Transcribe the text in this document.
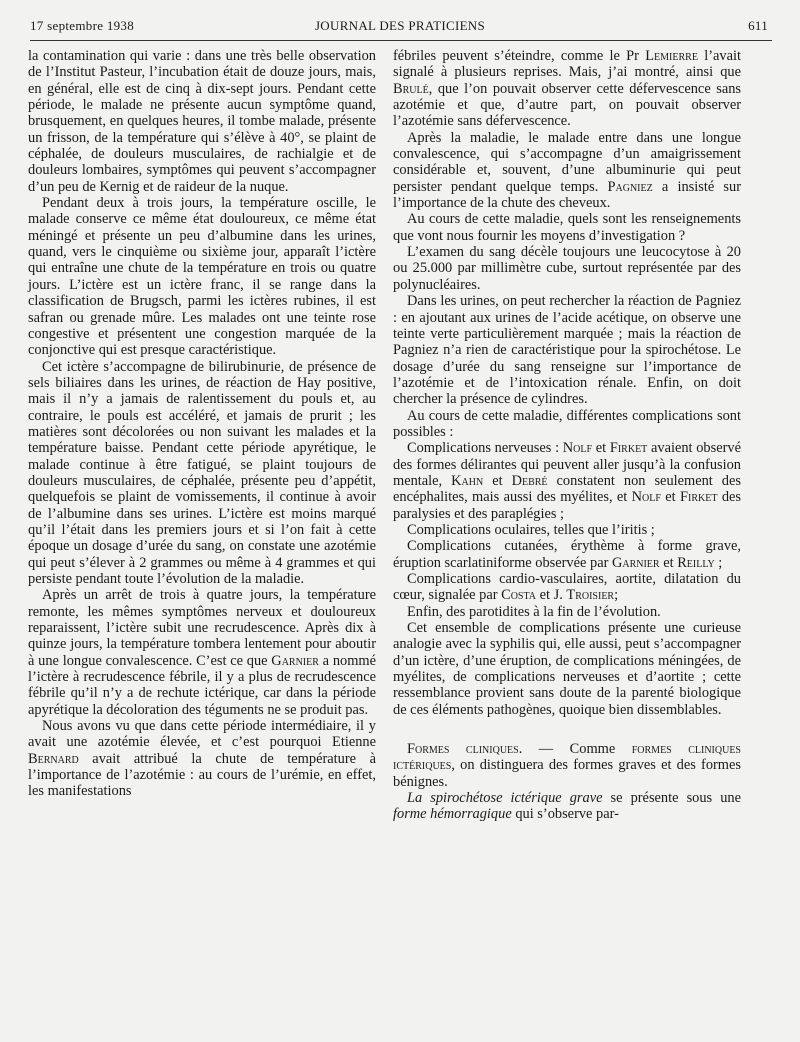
17 septembre 1938	JOURNAL DES PRATICIENS	611

la contamination qui varie : dans une très belle observation de l’Institut Pasteur, l’incubation était de douze jours, mais, en général, elle est de cinq à dix-sept jours. Pendant cette période, le malade ne présente aucun symptôme quand, brusquement, en quelques heures, il tombe malade, présente un frisson, de la température qui s’élève à 40°, se plaint de céphalée, de douleurs musculaires, de rachialgie et de douleurs lombaires, symptômes qui peuvent s’accompagner d’un peu de Kernig et de raideur de la nuque.

Pendant deux à trois jours, la température oscille, le malade conserve ce même état douloureux, ce même état méningé et présente un peu d’albumine dans les urines, quand, vers le cinquième ou sixième jour, apparaît l’ictère qui entraîne une chute de la température en trois ou quatre jours. L’ictère est un ictère franc, il se range dans la classification de Brugsch, parmi les ictères rubines, il est safran ou grenade mûre. Les malades ont une teinte rose congestive et présentent une congestion marquée de la conjonctive qui est presque caractéristique.

Cet ictère s’accompagne de bilirubinurie, de présence de sels biliaires dans les urines, de réaction de Hay positive, mais il n’y a jamais de ralentissement du pouls et, au contraire, le pouls est accéléré, et jamais de prurit ; les matières sont décolorées ou non suivant les malades et la température baisse. Pendant cette période apyrétique, le malade continue à être fatigué, se plaint toujours de douleurs musculaires, de céphalée, présente peu d’appétit, quelquefois se plaint de vomissements, il continue à avoir de l’albumine dans ses urines. L’ictère est moins marqué qu’il l’était dans les premiers jours et si l’on fait à cette époque un dosage d’urée du sang, on constate une azotémie qui peut s’élever à 2 grammes ou même à 4 grammes et qui persiste pendant toute l’évolution de la maladie.

Après un arrêt de trois à quatre jours, la température remonte, les mêmes symptômes nerveux et douloureux reparaissent, l’ictère subit une recrudescence. Après dix à quinze jours, la température tombera lentement pour aboutir à une longue convalescence. C’est ce que Garnier a nommé l’ictère à recrudescence fébrile, il y a plus de recrudescence fébrile qu’il n’y a de rechute ictérique, car dans la période apyrétique la décoloration des téguments ne se produit pas.

Nous avons vu que dans cette période intermédiaire, il y avait une azotémie élevée, et c’est pourquoi Etienne Bernard avait attribué la chute de température à l’importance de l’azotémie : au cours de l’urémie, en effet, les manifestations

fébriles peuvent s’éteindre, comme le Pr Lemierre l’avait signalé à plusieurs reprises. Mais, j’ai montré, ainsi que Brulé, que l’on pouvait observer cette défervescence sans azotémie et que, d’autre part, on pouvait observer l’azotémie sans défervescence.

Après la maladie, le malade entre dans une longue convalescence, qui s’accompagne d’un amaigrissement considérable et, souvent, d’une albuminurie qui peut persister pendant quelque temps. Pagniez a insisté sur l’importance de la chute des cheveux.

Au cours de cette maladie, quels sont les renseignements que vont nous fournir les moyens d’investigation ?

L’examen du sang décèle toujours une leucocytose à 20 ou 25.000 par millimètre cube, surtout représentée par des polynucléaires.

Dans les urines, on peut rechercher la réaction de Pagniez : en ajoutant aux urines de l’acide acétique, on observe une teinte verte particulièrement marquée ; mais la réaction de Pagniez n’a rien de caractéristique pour la spirochétose. Le dosage d’urée du sang renseigne sur l’importance de l’azotémie et de l’intoxication rénale. Enfin, on doit chercher la présence de cylindres.

Au cours de cette maladie, différentes complications sont possibles :

Complications nerveuses : Nolf et Firket avaient observé des formes délirantes qui peuvent aller jusqu’à la confusion mentale, Kahn et Debré constatent non seulement des encéphalites, mais aussi des myélites, et Nolf et Firket des paralysies et des paraplégies ;

Complications oculaires, telles que l’iritis ;

Complications cutanées, érythème à forme grave, éruption scarlatiniforme observée par Garnier et Reilly ;

Complications cardio-vasculaires, aortite, dilatation du cœur, signalée par Costa et J. Troisier;

Enfin, des parotidites à la fin de l’évolution.

Cet ensemble de complications présente une curieuse analogie avec la syphilis qui, elle aussi, peut s’accompagner d’un ictère, d’une éruption, de complications méningées, de myélites, de complications nerveuses et d’aortite ; cette ressemblance provient sans doute de la parenté biologique de ces éléments pathogènes, quoique bien dissemblables.

Formes cliniques. — Comme formes cliniques ictériques, on distinguera des formes graves et des formes bénignes.

La spirochétose ictérique grave se présente sous une forme hémorragique qui s’observe par-
